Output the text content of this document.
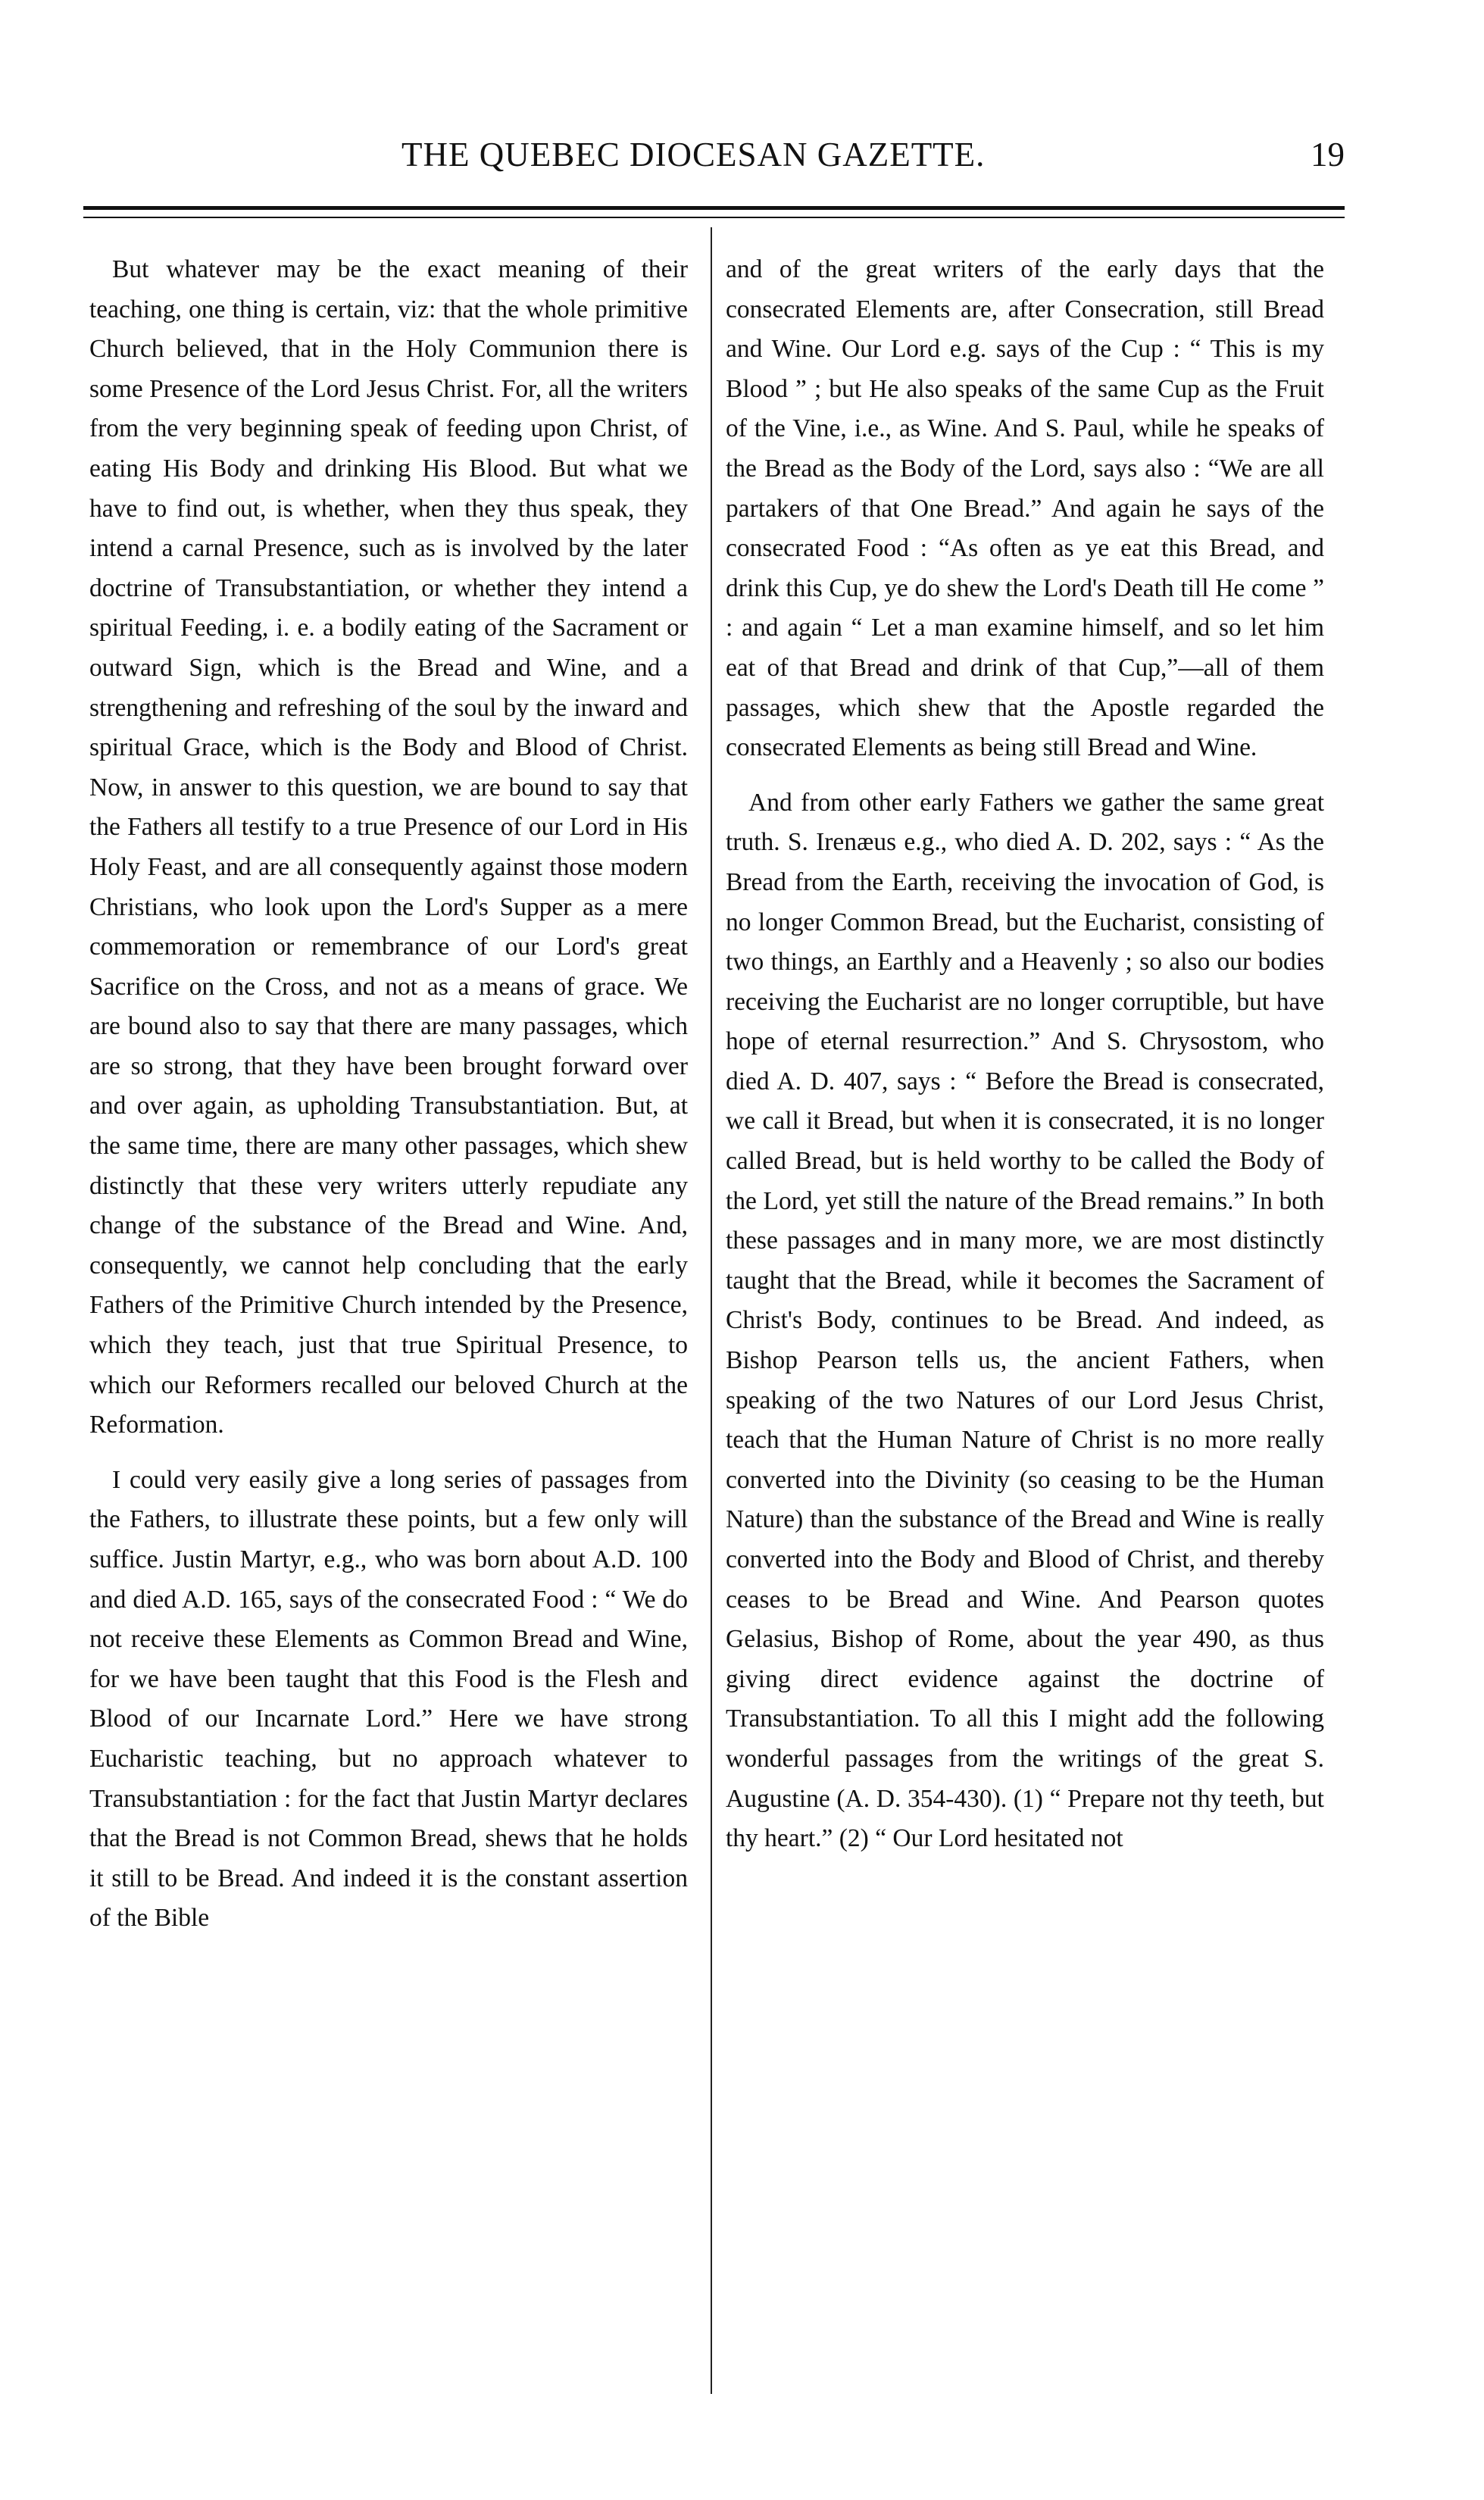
THE QUEBEC DIOCESAN GAZETTE.	19

But whatever may be the exact meaning of their teaching, one thing is certain, viz: that the whole primitive Church believed, that in the Holy Communion there is some Presence of the Lord Jesus Christ. For, all the writers from the very beginning speak of feeding upon Christ, of eating His Body and drinking His Blood. But what we have to find out, is whether, when they thus speak, they intend a carnal Presence, such as is involved by the later doctrine of Transubstantiation, or whether they intend a spiritual Feeding, i. e. a bodily eating of the Sacrament or outward Sign, which is the Bread and Wine, and a strengthening and refreshing of the soul by the inward and spiritual Grace, which is the Body and Blood of Christ. Now, in answer to this question, we are bound to say that the Fathers all testify to a true Presence of our Lord in His Holy Feast, and are all consequently against those modern Christians, who look upon the Lord's Supper as a mere commemoration or remembrance of our Lord's great Sacrifice on the Cross, and not as a means of grace. We are bound also to say that there are many passages, which are so strong, that they have been brought forward over and over again, as upholding Transubstantiation. But, at the same time, there are many other passages, which shew distinctly that these very writers utterly repudiate any change of the substance of the Bread and Wine. And, consequently, we cannot help concluding that the early Fathers of the Primitive Church intended by the Presence, which they teach, just that true Spiritual Presence, to which our Reformers recalled our beloved Church at the Reformation.

I could very easily give a long series of passages from the Fathers, to illustrate these points, but a few only will suffice. Justin Martyr, e.g., who was born about A.D. 100 and died A.D. 165, says of the consecrated Food : “ We do not receive these Elements as Common Bread and Wine, for we have been taught that this Food is the Flesh and Blood of our Incarnate Lord.” Here we have strong Eucharistic teaching, but no approach whatever to Transubstantiation : for the fact that Justin Martyr declares that the Bread is not Common Bread, shews that he holds it still to be Bread. And indeed it is the constant assertion of the Bible

and of the great writers of the early days that the consecrated Elements are, after Consecration, still Bread and Wine. Our Lord e.g. says of the Cup : “ This is my Blood ” ; but He also speaks of the same Cup as the Fruit of the Vine, i.e., as Wine. And S. Paul, while he speaks of the Bread as the Body of the Lord, says also : “We are all partakers of that One Bread.” And again he says of the consecrated Food : “As often as ye eat this Bread, and drink this Cup, ye do shew the Lord's Death till He come ” : and again “ Let a man examine himself, and so let him eat of that Bread and drink of that Cup,”—all of them passages, which shew that the Apostle regarded the consecrated Elements as being still Bread and Wine.

And from other early Fathers we gather the same great truth. S. Irenæus e.g., who died A. D. 202, says : “ As the Bread from the Earth, receiving the invocation of God, is no longer Common Bread, but the Eucharist, consisting of two things, an Earthly and a Heavenly ; so also our bodies receiving the Eucharist are no longer corruptible, but have hope of eternal resurrection.” And S. Chrysostom, who died A. D. 407, says : “ Before the Bread is consecrated, we call it Bread, but when it is consecrated, it is no longer called Bread, but is held worthy to be called the Body of the Lord, yet still the nature of the Bread remains.” In both these passages and in many more, we are most distinctly taught that the Bread, while it becomes the Sacrament of Christ's Body, continues to be Bread. And indeed, as Bishop Pearson tells us, the ancient Fathers, when speaking of the two Natures of our Lord Jesus Christ, teach that the Human Nature of Christ is no more really converted into the Divinity (so ceasing to be the Human Nature) than the substance of the Bread and Wine is really converted into the Body and Blood of Christ, and thereby ceases to be Bread and Wine. And Pearson quotes Gelasius, Bishop of Rome, about the year 490, as thus giving direct evidence against the doctrine of Transubstantiation. To all this I might add the following wonderful passages from the writings of the great S. Augustine (A. D. 354-430). (1) “ Prepare not thy teeth, but thy heart.” (2) “ Our Lord hesitated not
